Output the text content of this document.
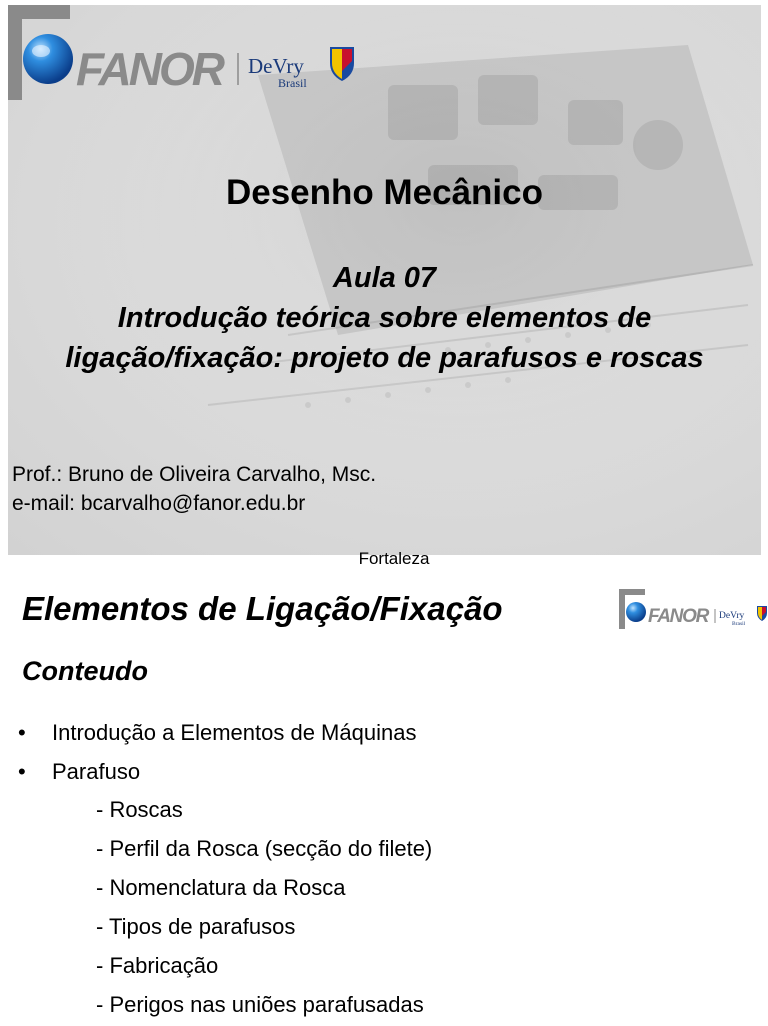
FANOR DeVry
Brasil
Desenho Mecânico
Aula 07
Introdução teórica sobre elementos de
ligação/fixação: projeto de parafusos e roscas
Prof.: Bruno de Oliveira Carvalho, Msc.
e-mail: bcarvalho@fanor.edu.br
Fortaleza
Elementos de Ligação/Fixação	FANOR DeVry
Brasil
Conteudo
• Introdução a Elementos de Máquinas
• Parafuso
- Roscas
- Perfil da Rosca (secção do filete)
- Nomenclatura da Rosca
- Tipos de parafusos
- Fabricação
- Perigos nas uniões parafusadas
